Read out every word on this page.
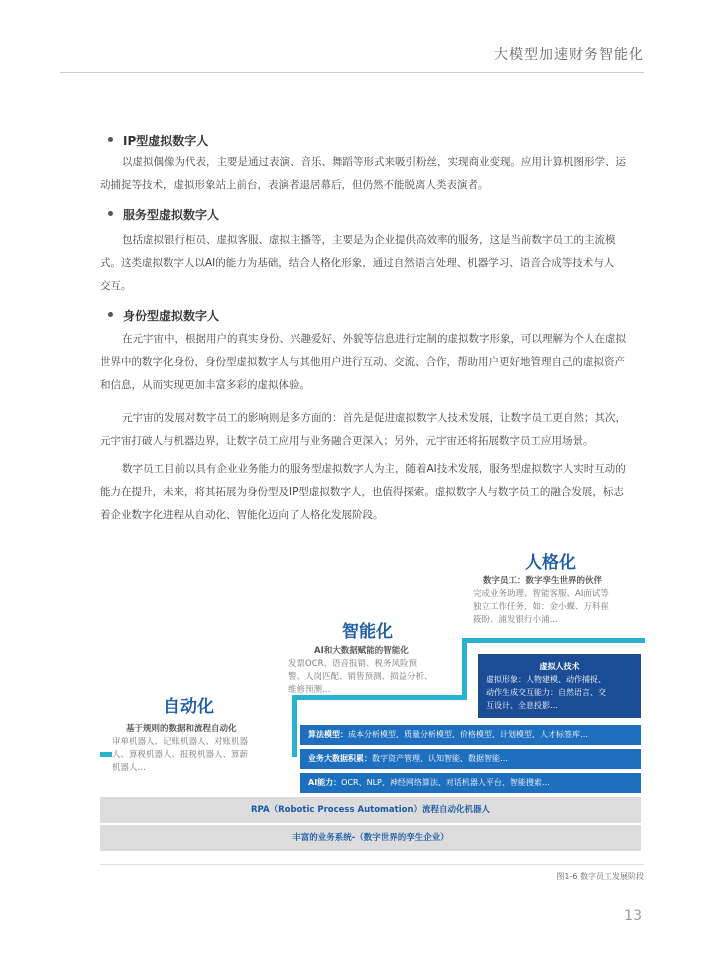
大模型加速财务智能化
IP型虚拟数字人
以虚拟偶像为代表，主要是通过表演、音乐、舞蹈等形式来吸引粉丝，实现商业变现。应用计算机图形学、运
动捕捉等技术，虚拟形象站上前台，表演者退居幕后，但仍然不能脱离人类表演者。
服务型虚拟数字人
包括虚拟银行柜员、虚拟客服、虚拟主播等，主要是为企业提供高效率的服务，这是当前数字员工的主流模
式。这类虚拟数字人以AI的能力为基础，结合人格化形象，通过自然语言处理、机器学习、语音合成等技术与人
交互。
身份型虚拟数字人
在元宇宙中，根据用户的真实身份、兴趣爱好、外貌等信息进行定制的虚拟数字形象，可以理解为个人在虚拟
世界中的数字化身份，身份型虚拟数字人与其他用户进行互动、交流、合作，帮助用户更好地管理自己的虚拟资产
和信息，从而实现更加丰富多彩的虚拟体验。
元宇宙的发展对数字员工的影响则是多方面的：首先是促进虚拟数字人技术发展，让数字员工更自然；其次，
元宇宙打破人与机器边界，让数字员工应用与业务融合更深入；另外，元宇宙还将拓展数字员工应用场景。
数字员工目前以具有企业业务能力的服务型虚拟数字人为主，随着AI技术发展，服务型虚拟数字人实时互动的
能力在提升，未来，将其拓展为身份型及IP型虚拟数字人，也值得探索。虚拟数字人与数字员工的融合发展，标志
着企业数字化进程从自动化、智能化迈向了人格化发展阶段。
人格化
数字员工：数字孪生世界的伙伴
完成业务助理、智能客服、AI面试等
独立工作任务，如：金小蝶、万科崔
筱盼、浦发银行小浦…
智能化
AI和大数据赋能的智能化
发票OCR、语音报销、税务风险预
警、人岗匹配、销售预测、损益分析、
维修预测…
自动化
基于规则的数据和流程自动化
审单机器人、记账机器人、对账机器
人、算税机器人、报税机器人、算薪
机器人…
虚拟人技术
虚拟形象：人物建模、动作捕捉、
动作生成交互能力：自然语言、交
互设计、全息投影…
算法模型：成本分析模型、质量分析模型、价格模型、计划模型、人才标签库…
业务大数据积累：数字资产管理、认知智能、数据智能…
AI能力：OCR、NLP、神经网络算法、对话机器人平台、智能搜索…
RPA（Robotic Process Automation）流程自动化机器人
丰富的业务系统-（数字世界的孪生企业）
图1-6 数字员工发展阶段
13
